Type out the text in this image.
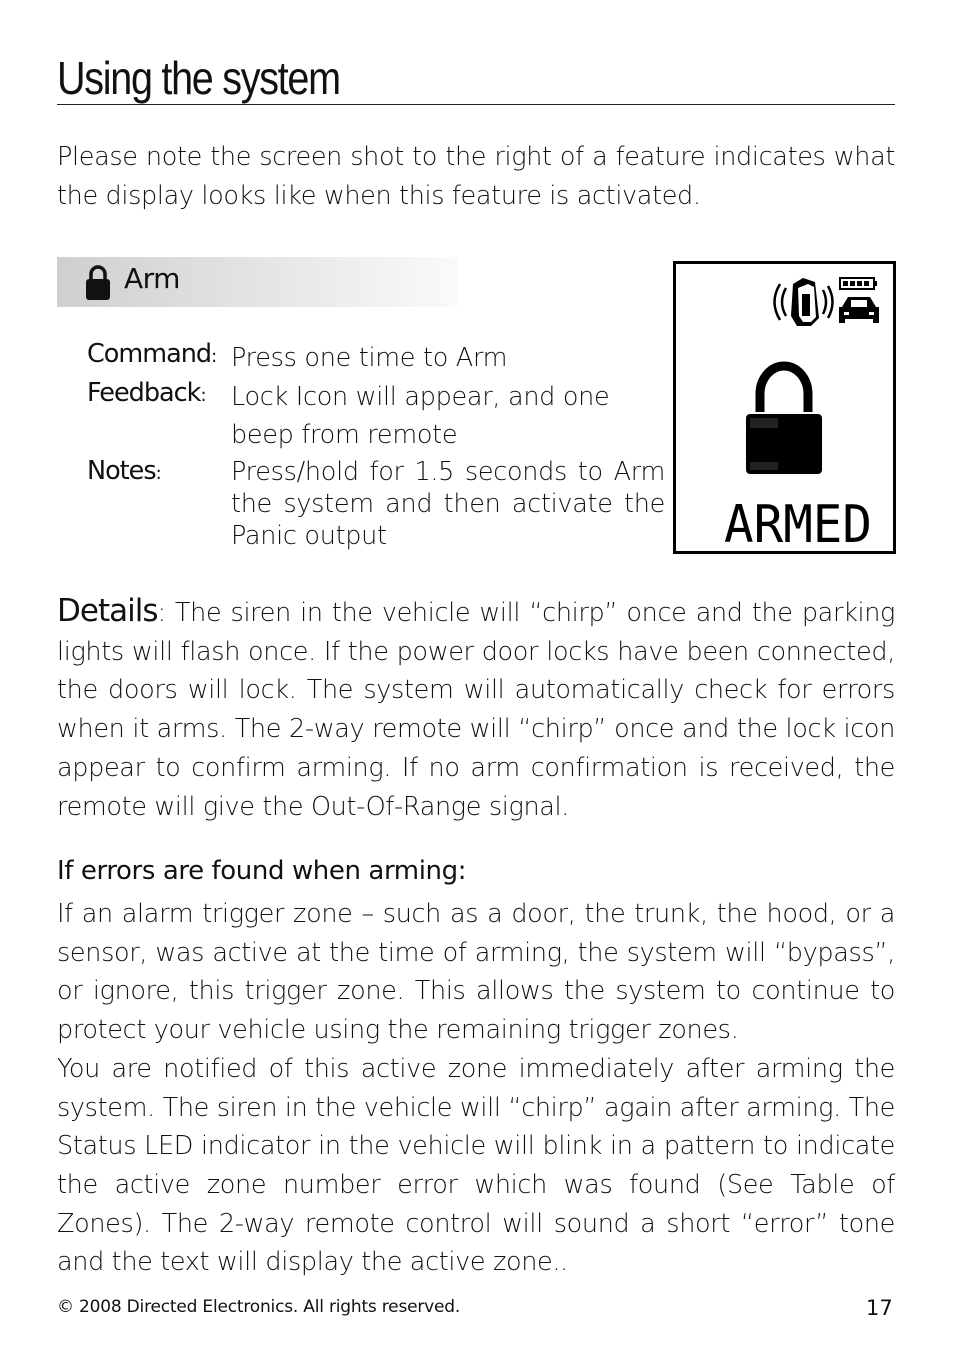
Using the system
Please note the screen shot to the right of a feature indicates what the display looks like when this feature is activated.
Arm
Command: Press one time to Arm
Feedback: Lock Icon will appear, and one beep from remote
Notes:	Press/hold for 1.5 seconds to Arm the system and then activate the Panic output	ARMED
Details: The siren in the vehicle will “chirp” once and the parking lights will flash once. If the power door locks have been connected, the doors will lock. The system will automatically check for errors when it arms. The 2-way remote will “chirp” once and the lock icon appear to confirm arming. If no arm confirmation is received, the remote will give the Out-Of-Range signal.
If errors are found when arming:
If an alarm trigger zone – such as a door, the trunk, the hood, or a sensor, was active at the time of arming, the system will “bypass”, or ignore, this trigger zone. This allows the system to continue to protect your vehicle using the remaining trigger zones.
You are notified of this active zone immediately after arming the system. The siren in the vehicle will “chirp” again after arming. The Status LED indicator in the vehicle will blink in a pattern to indicate the active zone number error which was found (See Table of Zones). The 2-way remote control will sound a short “error” tone and the text will display the active zone..
© 2008 Directed Electronics. All rights reserved.	17
